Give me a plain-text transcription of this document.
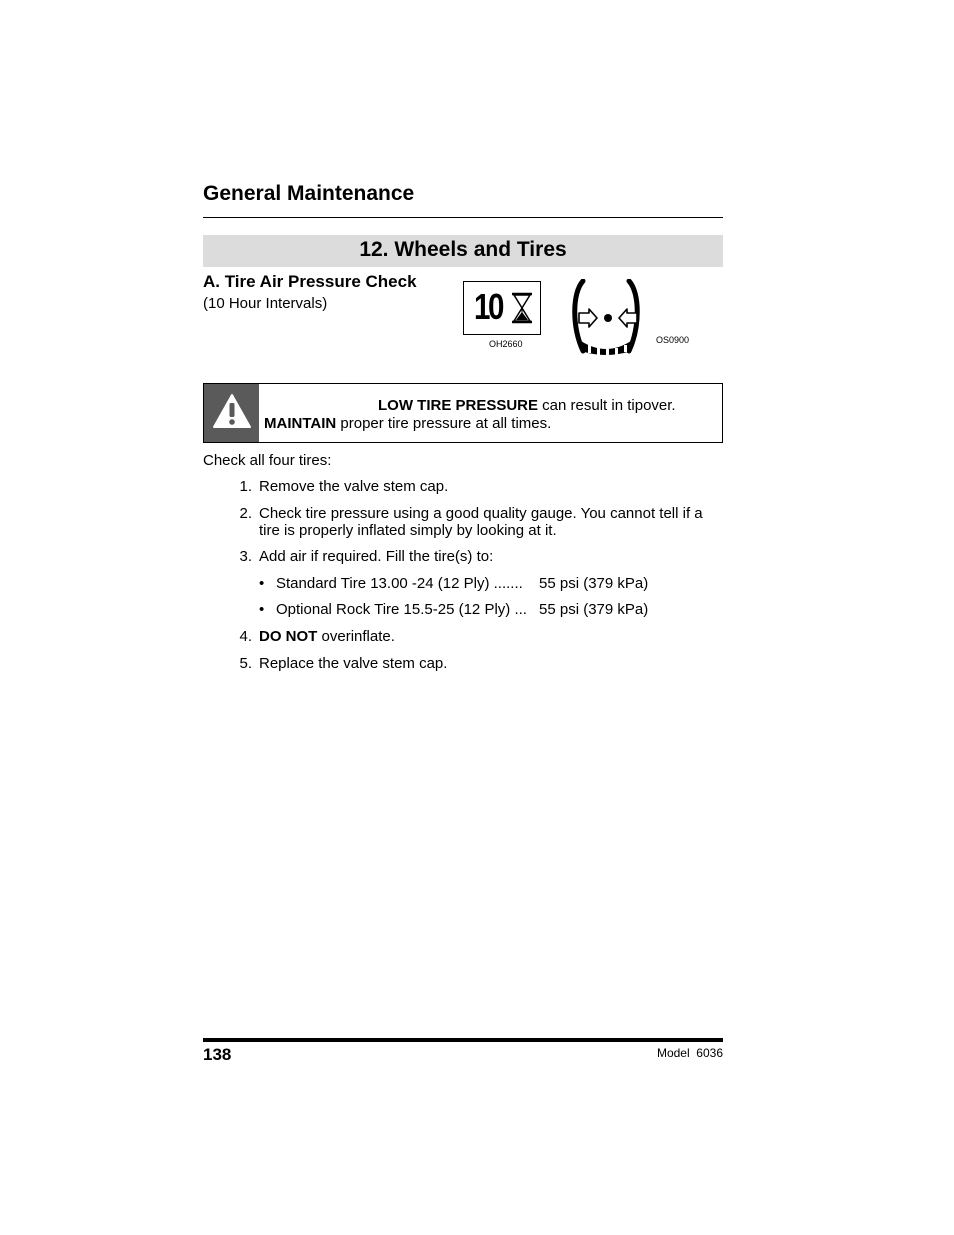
General Maintenance
12. Wheels and Tires
A. Tire Air Pressure Check
(10 Hour Intervals)	10
OH2660	OS0900
LOW TIRE PRESSURE can result in tipover.
MAINTAIN proper tire pressure at all times.
Check all four tires:
1. Remove the valve stem cap.
2. Check tire pressure using a good quality gauge. You cannot tell if a
tire is properly inflated simply by looking at it.
3. Add air if required. Fill the tire(s) to:
• Standard Tire 13.00 -24 (12 Ply) ....... 55 psi (379 kPa)
• Optional Rock Tire 15.5-25 (12 Ply) ... 55 psi (379 kPa)
4. DO NOT overinflate.
5. Replace the valve stem cap.
138	Model  6036
